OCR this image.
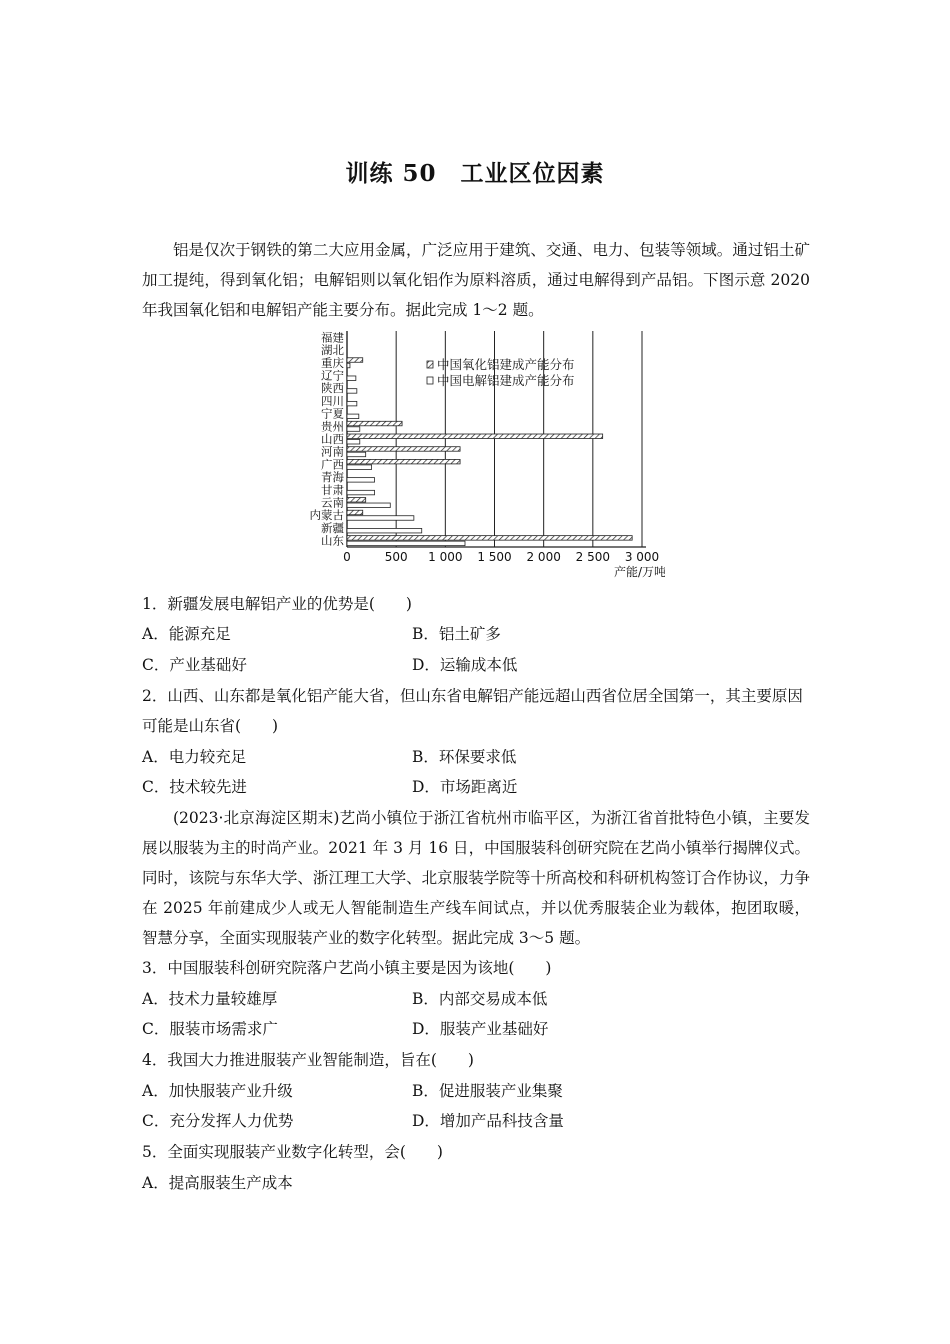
训练 50　工业区位因素

铝是仅次于钢铁的第二大应用金属，广泛应用于建筑、交通、电力、包装等领域。通过铝土矿加工提纯，得到氧化铝；电解铝则以氧化铝作为原料溶质，通过电解得到产品铝。下图示意 2020 年我国氧化铝和电解铝产能主要分布。据此完成 1～2 题。

0	500 1 000 1 500 2 000 2 500 3 000
产能/万吨
福建
湖北
重庆
辽宁
陕西
四川
宁夏
贵州
山西
河南
广西
青海
甘肃
云南
内蒙古
新疆
山东
中国氧化铝建成产能分布
中国电解铝建成产能分布

1．新疆发展电解铝产业的优势是(　　)

A．能源充足	B．铝土矿多
C．产业基础好	D．运输成本低

2．山西、山东都是氧化铝产能大省，但山东省电解铝产能远超山西省位居全国第一，其主要原因可能是山东省(　　)

A．电力较充足	B．环保要求低
C．技术较先进	D．市场距离近

(2023·北京海淀区期末)艺尚小镇位于浙江省杭州市临平区，为浙江省首批特色小镇，主要发展以服装为主的时尚产业。2021 年 3 月 16 日，中国服装科创研究院在艺尚小镇举行揭牌仪式。同时，该院与东华大学、浙江理工大学、北京服装学院等十所高校和科研机构签订合作协议，力争在 2025 年前建成少人或无人智能制造生产线车间试点，并以优秀服装企业为载体，抱团取暖，智慧分享，全面实现服装产业的数字化转型。据此完成 3～5 题。

3．中国服装科创研究院落户艺尚小镇主要是因为该地(　　)

A．技术力量较雄厚	B．内部交易成本低
C．服装市场需求广	D．服装产业基础好

4．我国大力推进服装产业智能制造，旨在(　　)

A．加快服装产业升级	B．促进服装产业集聚
C．充分发挥人力优势	D．增加产品科技含量

5．全面实现服装产业数字化转型，会(　　)

A．提高服装生产成本
